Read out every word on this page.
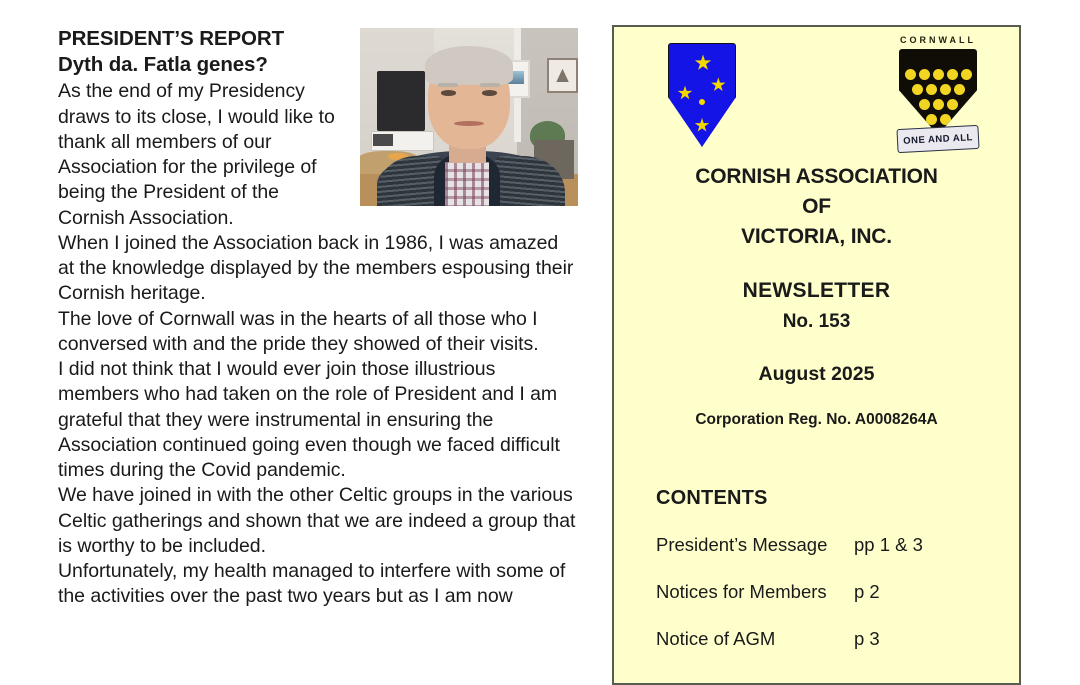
PRESIDENT’S REPORT
Dyth da. Fatla genes?

As the end of my Presidency draws to its close, I would like to thank all members of our Association for the privilege of being the President of the Cornish Association.

When I joined the Association back in 1986, I was amazed at the knowledge displayed by the members espousing their Cornish heritage.

The love of Cornwall was in the hearts of all those who I conversed with and the pride they showed of their visits.

I did not think that I would ever join those illustrious members who had taken on the role of President and I am grateful that they were instrumental in ensuring the Association continued going even though we faced difficult times during the Covid pandemic.

We have joined in with the other Celtic groups in the various Celtic gatherings and shown that we are indeed a group that is worthy to be included.

Unfortunately, my health managed to interfere with some of the activities over the past two years but as I am now

CORNWALL
ONE AND ALL

CORNISH ASSOCIATION

OF

VICTORIA, INC.

NEWSLETTER

No. 153

August 2025

Corporation Reg. No. A0008264A

CONTENTS
President’s Message	pp 1 & 3
Notices for Members	p 2
Notice of AGM	p 3
